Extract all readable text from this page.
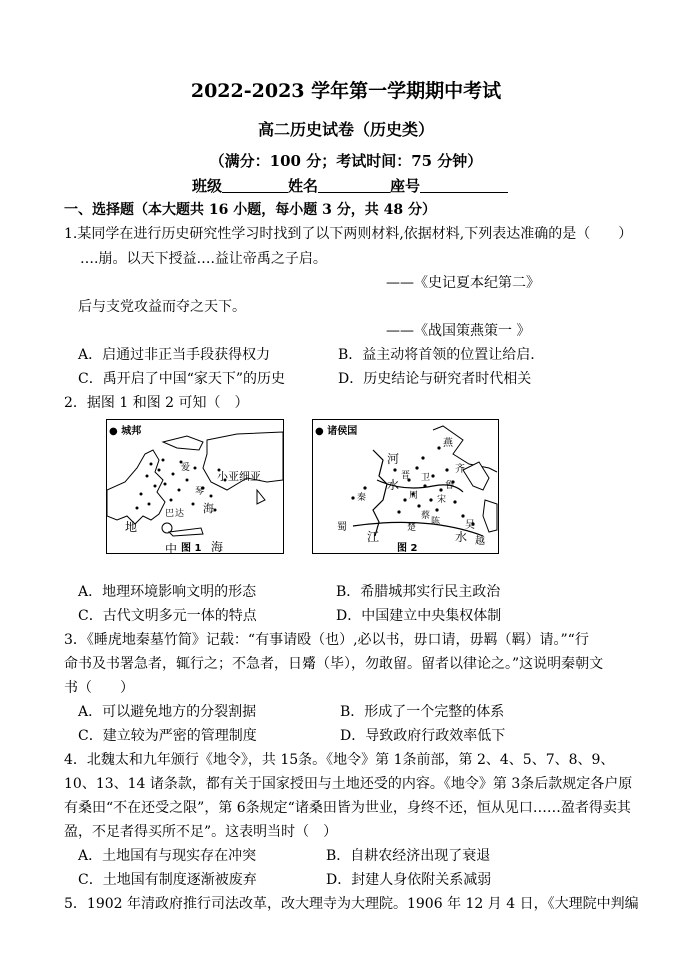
2022-2023 学年第一学期期中考试
高二历史试卷（历史类）
（满分：100 分；考试时间：75 分钟）
班级	姓名	座号
一、选择题（本大题共 16 小题，每小题 3 分，共 48 分）
1.某同学在进行历史研究性学习时找到了以下两则材料,依据材料,下列表达准确的是（　　）
….崩。以天下授益….益让帝禹之子启。
——《史记夏本纪第二》
后与支党攻益而夺之天下。
——《战国策燕策一 》
A．启通过非正当手段获得权力	B．益主动将首领的位置让给启.
C．禹开启了中国“家天下”的历史	D．历史结论与研究者时代相关
2．据图 1 和图 2 可知（　）
● 城邦
小亚细亚
地
中	海
海
爱
琴
巴 达
图 1
● 诸侯国
燕
河
晋 卫
齐
鲁
宋
水
秦	周
蔡
蜀
江
吴
越
水
楚
陈
图 2
A．地理环境影响文明的形态	B．希腊城邦实行民主政治
C．古代文明多元一体的特点	D．中国建立中央集权体制
3．《睡虎地秦墓竹简》记载：“有事请殴（也）,必以书，毋口请，毋羁（羁）请。”“行
命书及书署急者，辄行之；不急者，日觱（毕），勿敢留。留者以律论之。”这说明秦朝文
书（　　）
A．可以避免地方的分裂割据	B．形成了一个完整的体系
C．建立较为严密的管理制度	D．导致政府行政效率低下
4．北魏太和九年颁行《地令》，共 15条。《地令》第 1条前部，第 2、4、5、7、8、9、
10、13、14 诸条款，都有关于国家授田与土地还受的内容。《地令》第 3条后款规定各户原
有桑田“不在还受之限”，第 6条规定“诸桑田皆为世业，身终不还，恒从见口……盈者得卖其
盈，不足者得买所不足”。这表明当时（　）
A．土地国有与现实存在冲突	B．自耕农经济出现了衰退
C．土地国有制度逐渐被废弃	D．封建人身依附关系减弱
5．1902 年清政府推行司法改革，改大理寺为大理院。1906 年 12 月 4 日，《大理院中判编
